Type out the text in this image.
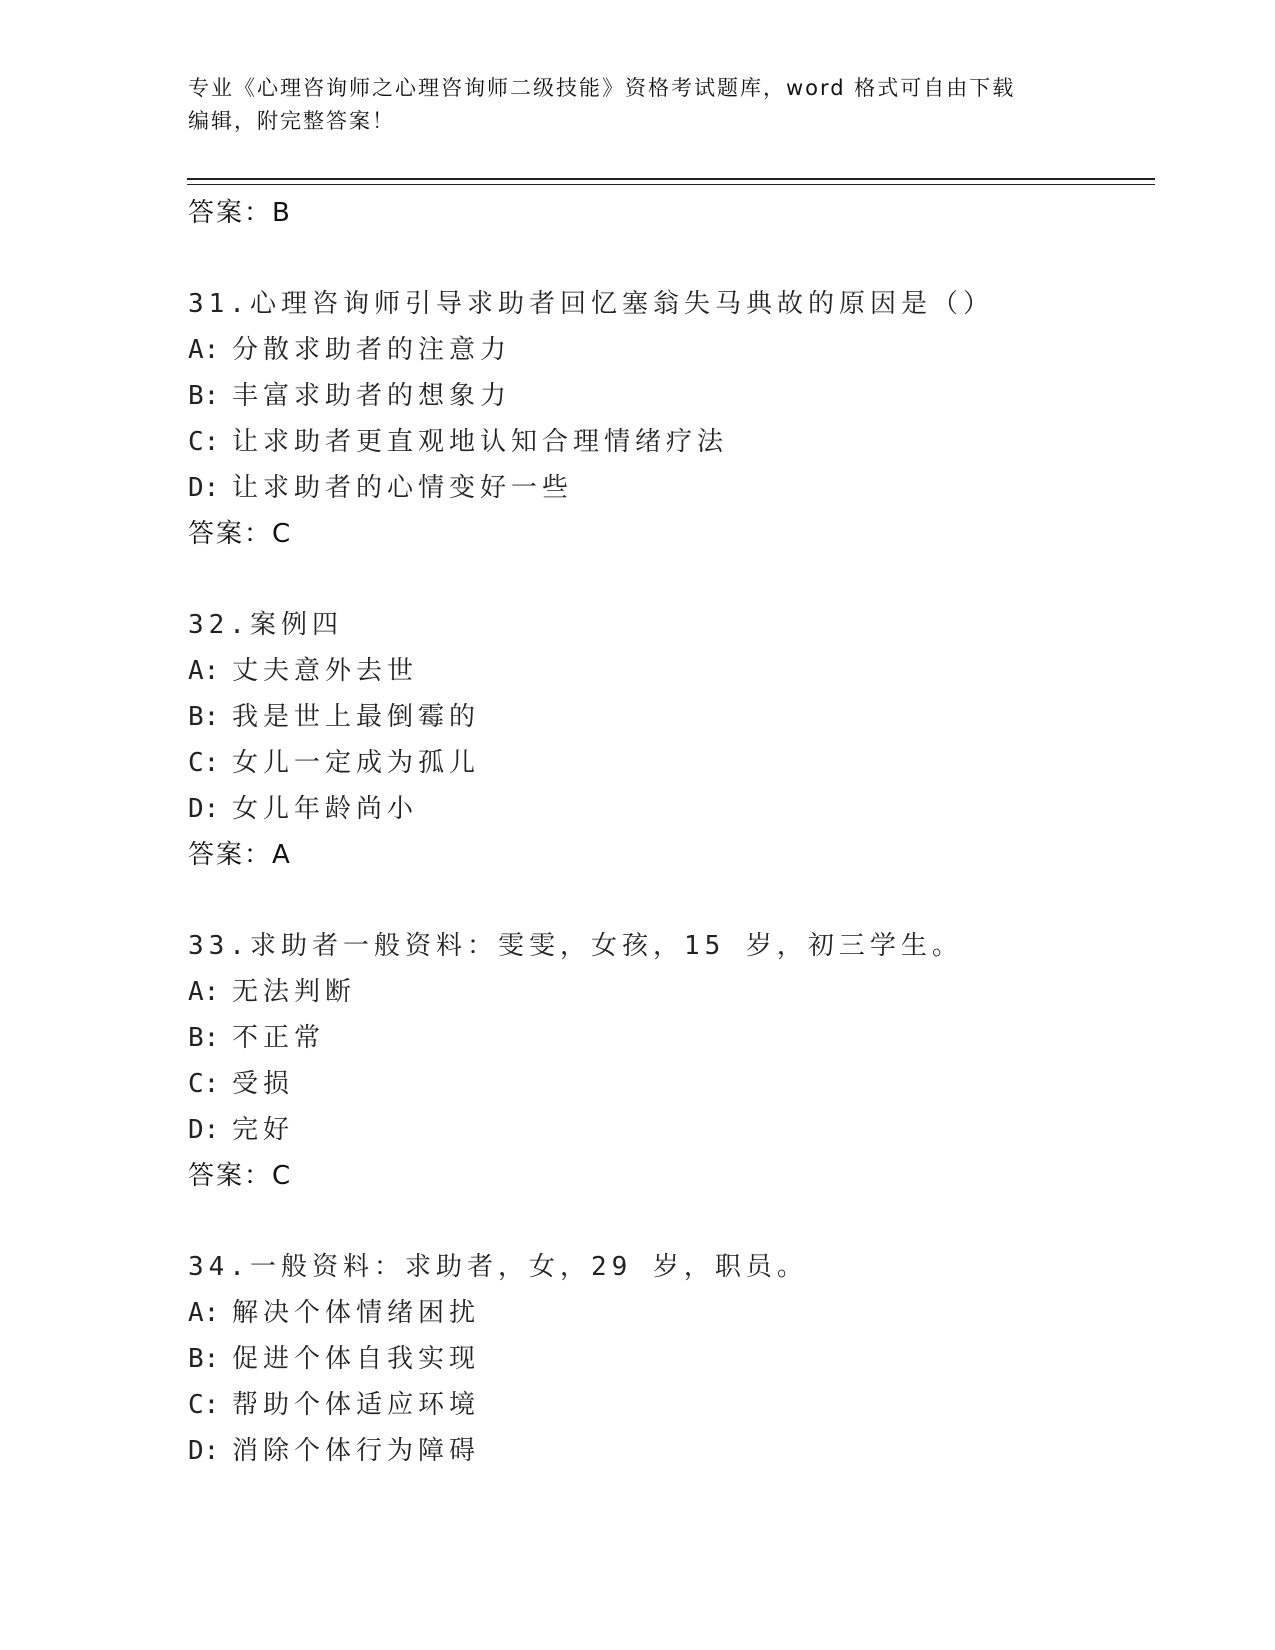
专业《心理咨询师之心理咨询师二级技能》资格考试题库，word 格式可自由下载
编辑，附完整答案！
答案：B
31.心理咨询师引导求助者回忆塞翁失马典故的原因是（）
A: 分散求助者的注意力
B: 丰富求助者的想象力
C: 让求助者更直观地认知合理情绪疗法
D: 让求助者的心情变好一些
答案：C
32.案例四
A: 丈夫意外去世
B: 我是世上最倒霉的
C: 女儿一定成为孤儿
D: 女儿年龄尚小
答案：A
33.求助者一般资料：雯雯，女孩，15 岁，初三学生。
A: 无法判断
B: 不正常
C: 受损
D: 完好
答案：C
34.一般资料：求助者，女，29 岁，职员。
A: 解决个体情绪困扰
B: 促进个体自我实现
C: 帮助个体适应环境
D: 消除个体行为障碍
